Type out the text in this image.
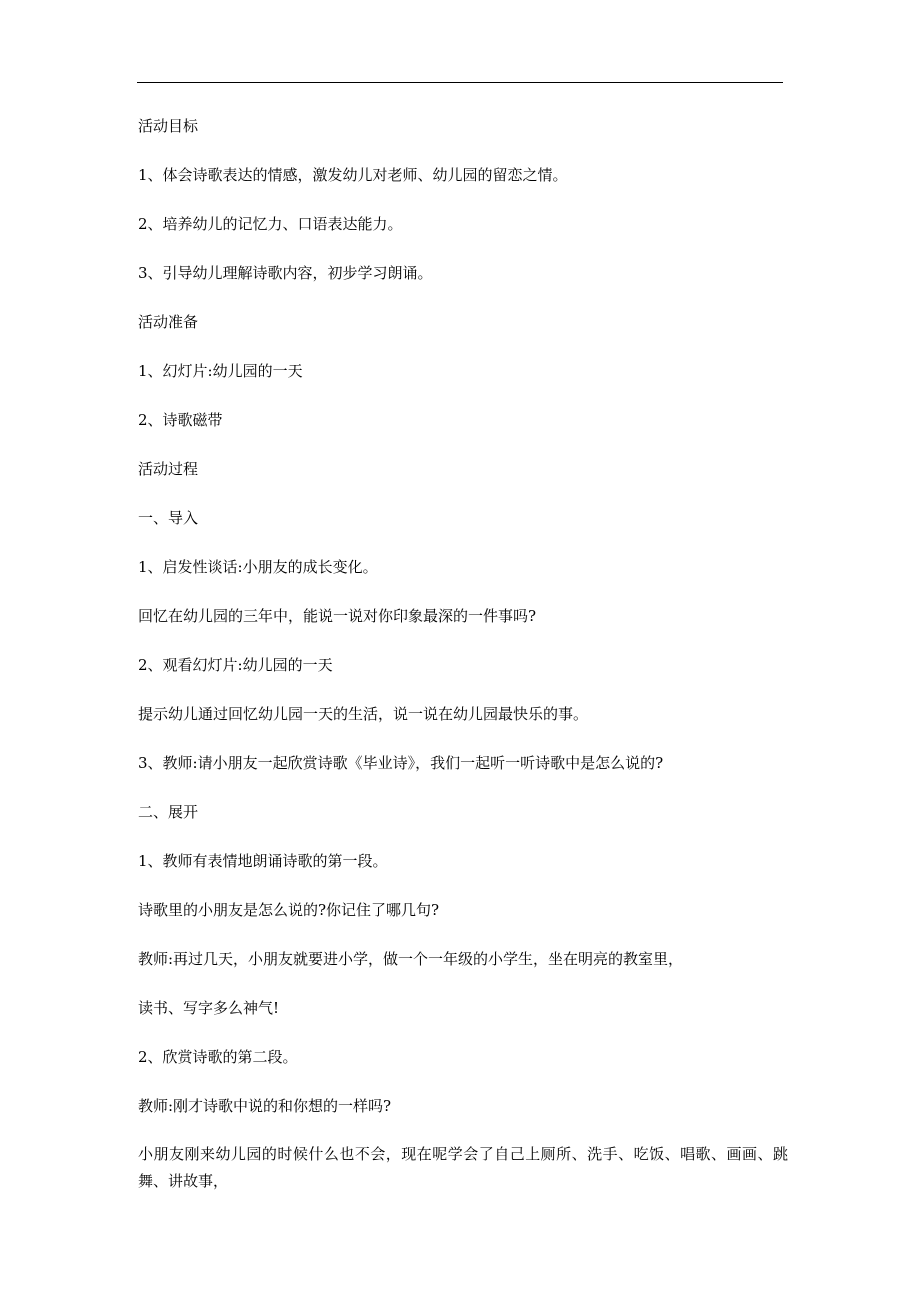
活动目标
1、体会诗歌表达的情感，激发幼儿对老师、幼儿园的留恋之情。
2、培养幼儿的记忆力、口语表达能力。
3、引导幼儿理解诗歌内容，初步学习朗诵。
活动准备
1、幻灯片:幼儿园的一天
2、诗歌磁带
活动过程
一、导入
1、启发性谈话:小朋友的成长变化。
回忆在幼儿园的三年中，能说一说对你印象最深的一件事吗?
2、观看幻灯片:幼儿园的一天
提示幼儿通过回忆幼儿园一天的生活，说一说在幼儿园最快乐的事。
3、教师:请小朋友一起欣赏诗歌《毕业诗》，我们一起听一听诗歌中是怎么说的?
二、展开
1、教师有表情地朗诵诗歌的第一段。
诗歌里的小朋友是怎么说的?你记住了哪几句?
教师:再过几天，小朋友就要进小学，做一个一年级的小学生，坐在明亮的教室里，
读书、写字多么神气!
2、欣赏诗歌的第二段。
教师:刚才诗歌中说的和你想的一样吗?
小朋友刚来幼儿园的时候什么也不会，现在呢学会了自己上厕所、洗手、吃饭、唱歌、画画、跳舞、讲故事，
